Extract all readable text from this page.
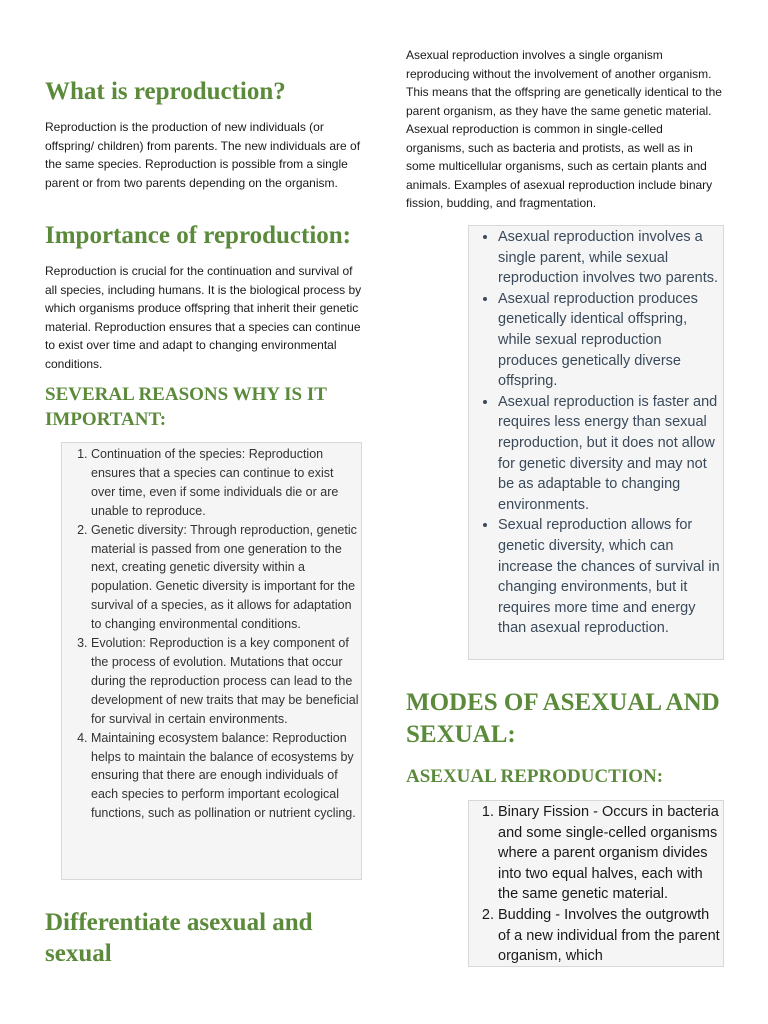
What is reproduction?

Reproduction is the production of new individuals (or offspring/ children) from parents. The new individuals are of the same species. Reproduction is possible from a single parent or from two parents depending on the organism.

Importance of reproduction:

Reproduction is crucial for the continuation and survival of all species, including humans. It is the biological process by which organisms produce offspring that inherit their genetic material. Reproduction ensures that a species can continue to exist over time and adapt to changing environmental conditions.

SEVERAL REASONS WHY IS IT IMPORTANT:
1. Continuation of the species: Reproduction ensures that a species can continue to exist over time, even if some individuals die or are unable to reproduce.
2. Genetic diversity: Through reproduction, genetic material is passed from one generation to the next, creating genetic diversity within a population. Genetic diversity is important for the survival of a species, as it allows for adaptation to changing environmental conditions.
3. Evolution: Reproduction is a key component of the process of evolution. Mutations that occur during the reproduction process can lead to the development of new traits that may be beneficial for survival in certain environments.
4. Maintaining ecosystem balance: Reproduction helps to maintain the balance of ecosystems by ensuring that there are enough individuals of each species to perform important ecological functions, such as pollination or nutrient cycling.
Differentiate asexual and sexual

Asexual reproduction involves a single organism reproducing without the involvement of another organism. This means that the offspring are genetically identical to the parent organism, as they have the same genetic material. Asexual reproduction is common in single-celled organisms, such as bacteria and protists, as well as in some multicellular organisms, such as certain plants and animals. Examples of asexual reproduction include binary fission, budding, and fragmentation.

• Asexual reproduction involves a single parent, while sexual reproduction involves two parents.
• Asexual reproduction produces genetically identical offspring, while sexual reproduction produces genetically diverse offspring.
• Asexual reproduction is faster and requires less energy than sexual reproduction, but it does not allow for genetic diversity and may not be as adaptable to changing environments.
• Sexual reproduction allows for genetic diversity, which can increase the chances of survival in changing environments, but it requires more time and energy than asexual reproduction.
MODES OF ASEXUAL AND SEXUAL:
ASEXUAL REPRODUCTION:
1. Binary Fission - Occurs in bacteria and some single-celled organisms where a parent organism divides into two equal halves, each with the same genetic material.
2. Budding - Involves the outgrowth of a new individual from the parent organism, which
